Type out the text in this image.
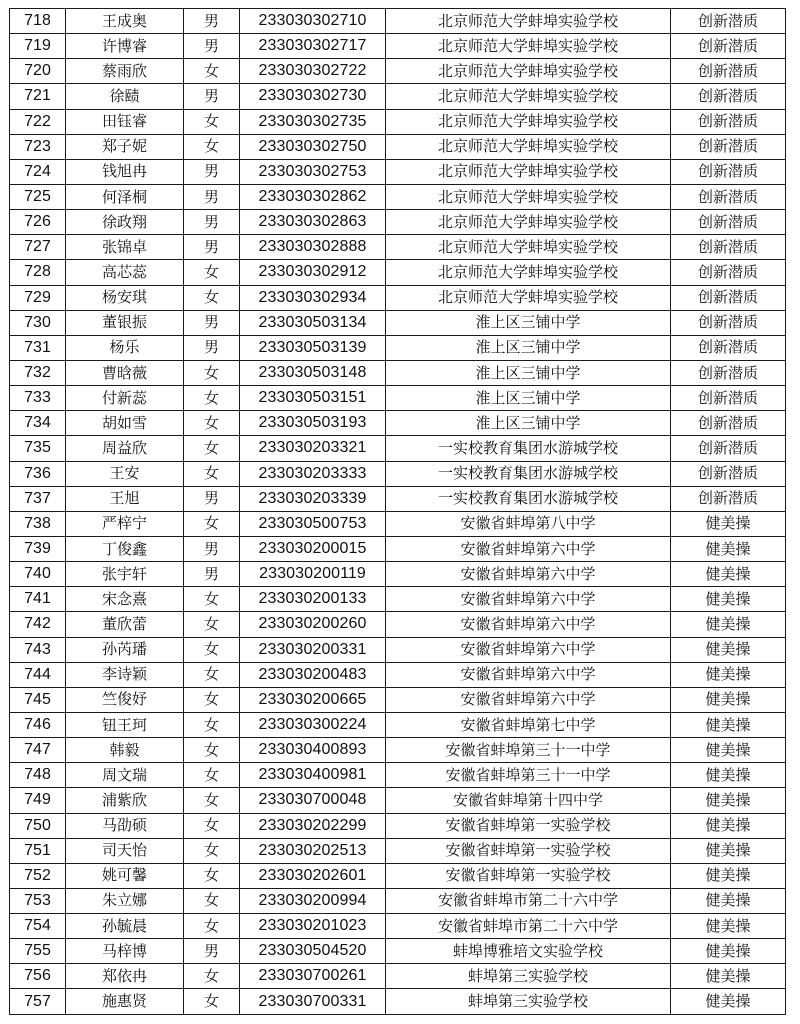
718	王成奥	男	233030302710	北京师范大学蚌埠实验学校	创新潜质
719	许博睿	男	233030302717	北京师范大学蚌埠实验学校	创新潜质
720	蔡雨欣	女	233030302722	北京师范大学蚌埠实验学校	创新潜质
721	徐赜	男	233030302730	北京师范大学蚌埠实验学校	创新潜质
722	田钰睿	女	233030302735	北京师范大学蚌埠实验学校	创新潜质
723	郑子妮	女	233030302750	北京师范大学蚌埠实验学校	创新潜质
724	钱旭冉	男	233030302753	北京师范大学蚌埠实验学校	创新潜质
725	何泽桐	男	233030302862	北京师范大学蚌埠实验学校	创新潜质
726	徐政翔	男	233030302863	北京师范大学蚌埠实验学校	创新潜质
727	张锦卓	男	233030302888	北京师范大学蚌埠实验学校	创新潜质
728	高芯蕊	女	233030302912	北京师范大学蚌埠实验学校	创新潜质
729	杨安琪	女	233030302934	北京师范大学蚌埠实验学校	创新潜质
730	董银振	男	233030503134	淮上区三铺中学	创新潜质
731	杨乐	男	233030503139	淮上区三铺中学	创新潜质
732	曹晗薇	女	233030503148	淮上区三铺中学	创新潜质
733	付新蕊	女	233030503151	淮上区三铺中学	创新潜质
734	胡如雪	女	233030503193	淮上区三铺中学	创新潜质
735	周益欣	女	233030203321	一实校教育集团水游城学校	创新潜质
736	王安	女	233030203333	一实校教育集团水游城学校	创新潜质
737	王旭	男	233030203339	一实校教育集团水游城学校	创新潜质
738	严梓宁	女	233030500753	安徽省蚌埠第八中学	健美操
739	丁俊鑫	男	233030200015	安徽省蚌埠第六中学	健美操
740	张宇轩	男	233030200119	安徽省蚌埠第六中学	健美操
741	宋念熹	女	233030200133	安徽省蚌埠第六中学	健美操
742	董欣蕾	女	233030200260	安徽省蚌埠第六中学	健美操
743	孙芮璠	女	233030200331	安徽省蚌埠第六中学	健美操
744	李诗颖	女	233030200483	安徽省蚌埠第六中学	健美操
745	竺俊妤	女	233030200665	安徽省蚌埠第六中学	健美操
746	钮王珂	女	233030300224	安徽省蚌埠第七中学	健美操
747	韩毅	女	233030400893	安徽省蚌埠第三十一中学	健美操
748	周文瑞	女	233030400981	安徽省蚌埠第三十一中学	健美操
749	浦紫欣	女	233030700048	安徽省蚌埠第十四中学	健美操
750	马劭硕	女	233030202299	安徽省蚌埠第一实验学校	健美操
751	司天怡	女	233030202513	安徽省蚌埠第一实验学校	健美操
752	姚可馨	女	233030202601	安徽省蚌埠第一实验学校	健美操
753	朱立娜	女	233030200994	安徽省蚌埠市第二十六中学	健美操
754	孙毓晨	女	233030201023	安徽省蚌埠市第二十六中学	健美操
755	马梓博	男	233030504520	蚌埠博雅培文实验学校	健美操
756	郑依冉	女	233030700261	蚌埠第三实验学校	健美操
757	施惠贤	女	233030700331	蚌埠第三实验学校	健美操
